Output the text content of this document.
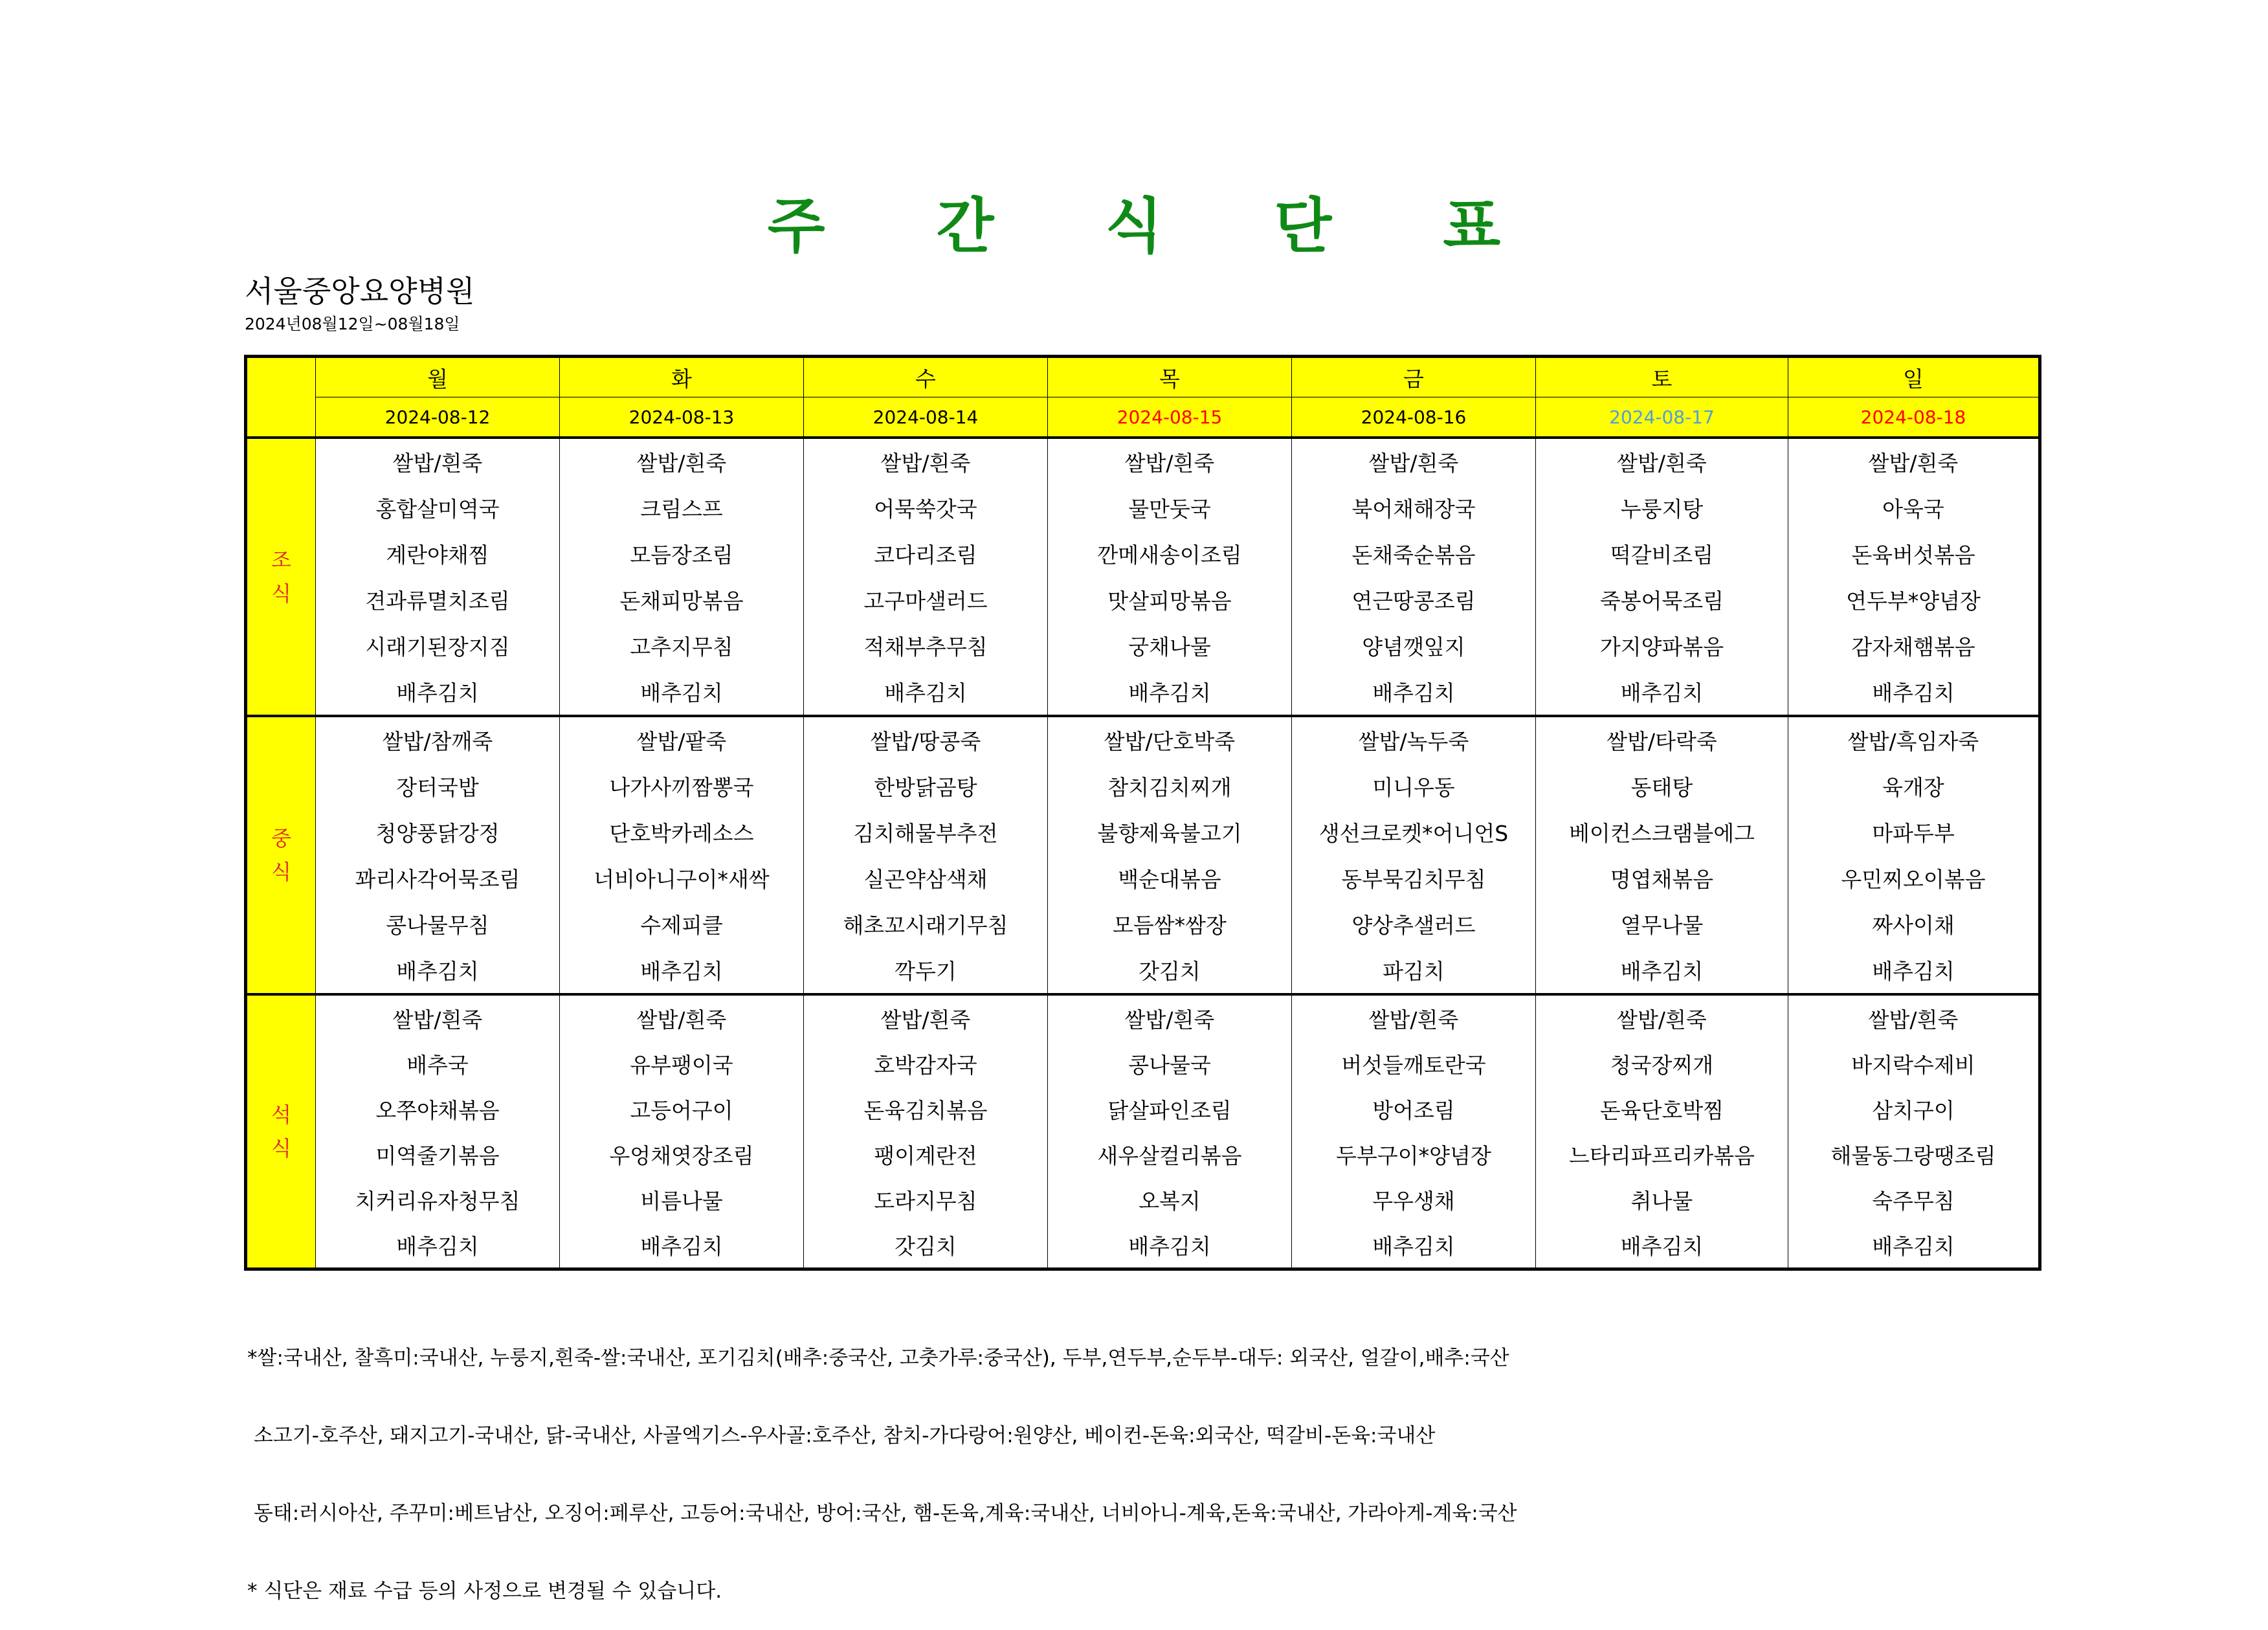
주 간 식 단 표
서울중앙요양병원
2024년08월12일~08월18일
	월	화	수	목	금	토	일
	2024-08-12	2024-08-13	2024-08-14	2024-08-15	2024-08-16	2024-08-17	2024-08-18

조
식	쌀밥/흰죽	쌀밥/흰죽	쌀밥/흰죽	쌀밥/흰죽	쌀밥/흰죽	쌀밥/흰죽	쌀밥/흰죽
	홍합살미역국	크림스프	어묵쑥갓국	물만둣국	북어채해장국	누룽지탕	아욱국
	계란야채찜	모듬장조림	코다리조림	깐메새송이조림	돈채죽순볶음	떡갈비조림	돈육버섯볶음
	견과류멸치조림	돈채피망볶음	고구마샐러드	맛살피망볶음	연근땅콩조림	죽봉어묵조림	연두부*양념장
	시래기된장지짐	고추지무침	적채부추무침	궁채나물	양념깻잎지	가지양파볶음	감자채햄볶음
	배추김치	배추김치	배추김치	배추김치	배추김치	배추김치	배추김치

중
식	쌀밥/참깨죽	쌀밥/팥죽	쌀밥/땅콩죽	쌀밥/단호박죽	쌀밥/녹두죽	쌀밥/타락죽	쌀밥/흑임자죽
	장터국밥	나가사끼짬뽕국	한방닭곰탕	참치김치찌개	미니우동	동태탕	육개장
	청양풍닭강정	단호박카레소스	김치해물부추전	불향제육불고기	생선크로켓*어니언S	베이컨스크램블에그	마파두부
	꽈리사각어묵조림	너비아니구이*새싹	실곤약삼색채	백순대볶음	동부묵김치무침	명엽채볶음	우민찌오이볶음
	콩나물무침	수제피클	해초꼬시래기무침	모듬쌈*쌈장	양상추샐러드	열무나물	짜사이채
	배추김치	배추김치	깍두기	갓김치	파김치	배추김치	배추김치

석
식	쌀밥/흰죽	쌀밥/흰죽	쌀밥/흰죽	쌀밥/흰죽	쌀밥/흰죽	쌀밥/흰죽	쌀밥/흰죽
	배추국	유부팽이국	호박감자국	콩나물국	버섯들깨토란국	청국장찌개	바지락수제비
	오쭈야채볶음	고등어구이	돈육김치볶음	닭살파인조림	방어조림	돈육단호박찜	삼치구이
	미역줄기볶음	우엉채엿장조림	팽이계란전	새우살컬리볶음	두부구이*양념장	느타리파프리카볶음	해물동그랑땡조림
	치커리유자청무침	비름나물	도라지무침	오복지	무우생채	취나물	숙주무침
	배추김치	배추김치	갓김치	배추김치	배추김치	배추김치	배추김치

*쌀:국내산, 찰흑미:국내산, 누룽지,흰죽-쌀:국내산, 포기김치(배추:중국산, 고춧가루:중국산), 두부,연두부,순두부-대두: 외국산, 얼갈이,배추:국산

소고기-호주산, 돼지고기-국내산, 닭-국내산, 사골엑기스-우사골:호주산, 참치-가다랑어:원양산, 베이컨-돈육:외국산, 떡갈비-돈육:국내산

동태:러시아산, 주꾸미:베트남산, 오징어:페루산, 고등어:국내산, 방어:국산, 햄-돈육,계육:국내산, 너비아니-계육,돈육:국내산, 가라아게-계육:국산

* 식단은 재료 수급 등의 사정으로 변경될 수 있습니다.
